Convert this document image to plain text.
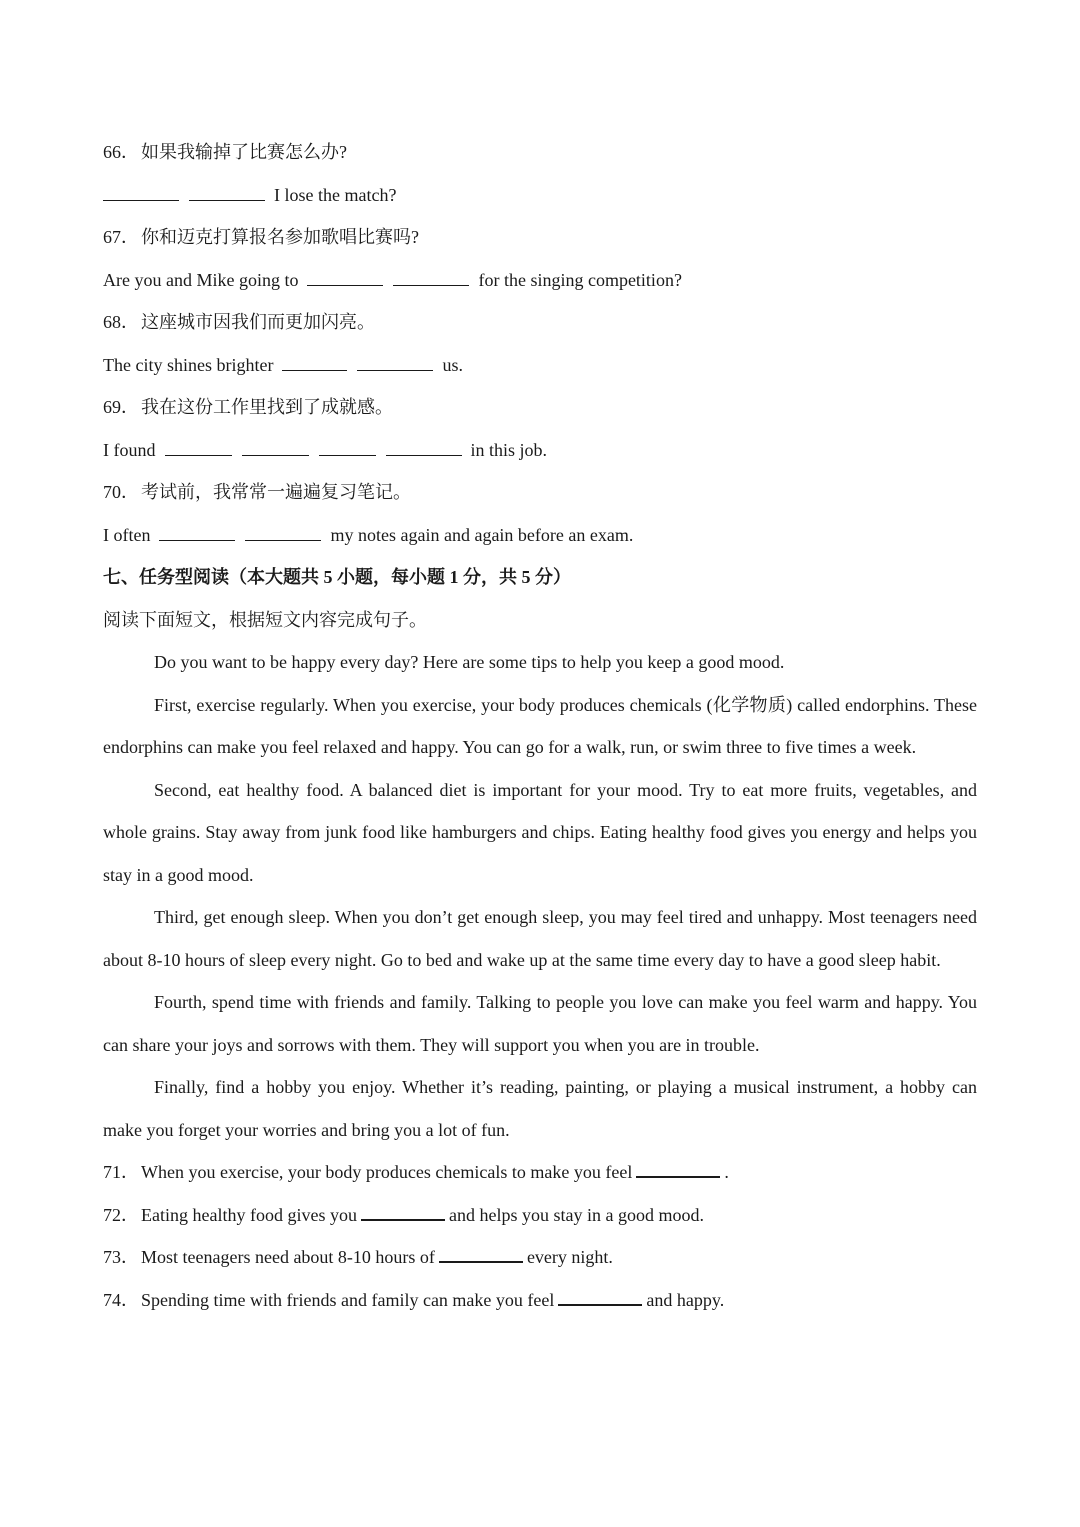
66． 如果我输掉了比赛怎么办?
I lose the match?
67． 你和迈克打算报名参加歌唱比赛吗?
Are you and Mike going to	for the singing competition?
68． 这座城市因我们而更加闪亮。
The city shines brighter	us.
69． 我在这份工作里找到了成就感。
I found	in this job.
70． 考试前，我常常一遍遍复习笔记。
I often	my notes again and again before an exam.
七、任务型阅读（本大题共 5 小题，每小题 1 分，共 5 分）
阅读下面短文，根据短文内容完成句子。

Do you want to be happy every day? Here are some tips to help you keep a good mood.

First, exercise regularly. When you exercise, your body produces chemicals (化学物质) called endorphins. These endorphins can make you feel relaxed and happy. You can go for a walk, run, or swim three to five times a week.

Second, eat healthy food. A balanced diet is important for your mood. Try to eat more fruits, vegetables, and whole grains. Stay away from junk food like hamburgers and chips. Eating healthy food gives you energy and helps you stay in a good mood.

Third, get enough sleep. When you don’t get enough sleep, you may feel tired and unhappy. Most teenagers need about 8-10 hours of sleep every night. Go to bed and wake up at the same time every day to have a good sleep habit.

Fourth, spend time with friends and family. Talking to people you love can make you feel warm and happy. You can share your joys and sorrows with them. They will support you when you are in trouble.

Finally, find a hobby you enjoy. Whether it’s reading, painting, or playing a musical instrument, a hobby can make you forget your worries and bring you a lot of fun.

71． When you exercise, your body produces chemicals to make you feel	.
72． Eating healthy food gives you	and helps you stay in a good mood.
73． Most teenagers need about 8-10 hours of	every night.
74． Spending time with friends and family can make you feel	and happy.
